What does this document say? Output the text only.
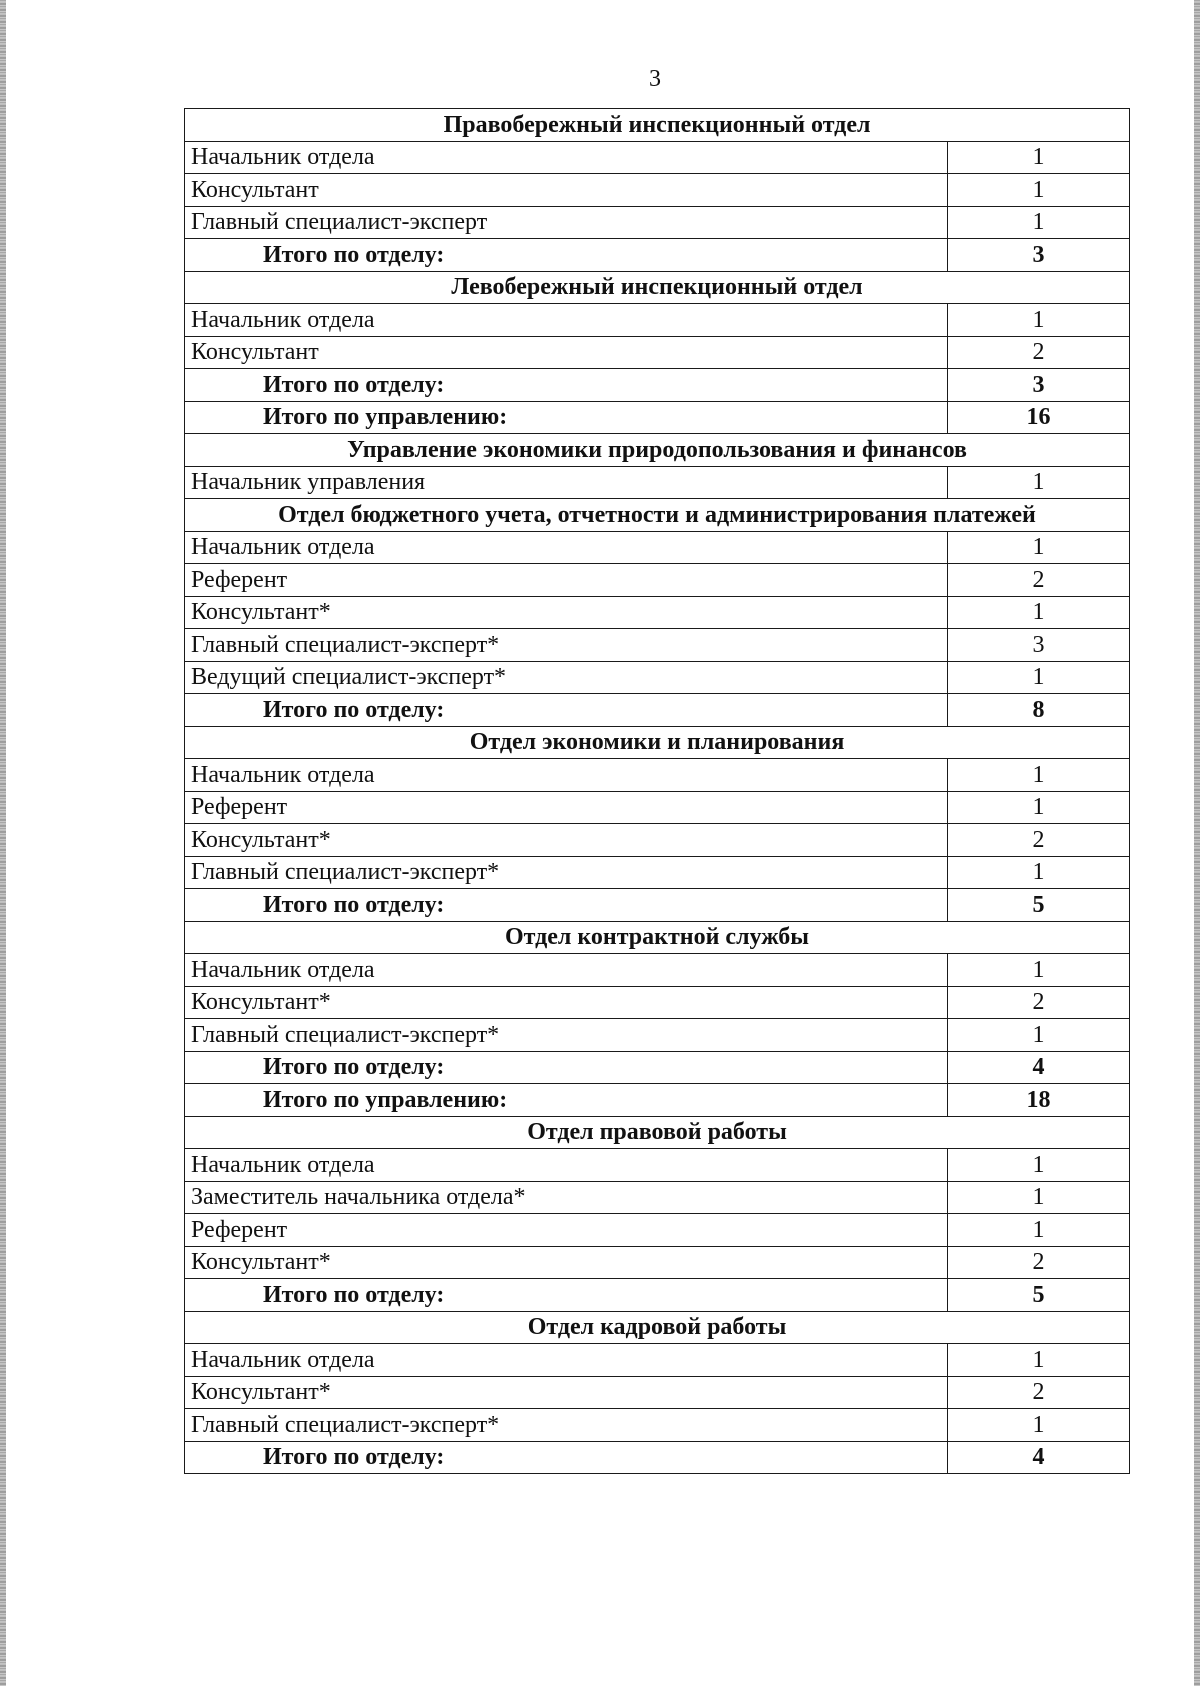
3
Правобережный инспекционный отдел	
Начальник отдела	1
Консультант	1
Главный специалист-эксперт	1
Итого по отделу:	3
Левобережный инспекционный отдел	
Начальник отдела	1
Консультант	2
Итого по отделу:	3
Итого по управлению:	16
Управление экономики природопользования и финансов	
Начальник управления	1
Отдел бюджетного учета, отчетности и администрирования платежей	
Начальник отдела	1
Референт	2
Консультант*	1
Главный специалист-эксперт*	3
Ведущий специалист-эксперт*	1
Итого по отделу:	8
Отдел экономики и планирования	
Начальник отдела	1
Референт	1
Консультант*	2
Главный специалист-эксперт*	1
Итого по отделу:	5
Отдел контрактной службы	
Начальник отдела	1
Консультант*	2
Главный специалист-эксперт*	1
Итого по отделу:	4
Итого по управлению:	18
Отдел правовой работы	
Начальник отдела	1
Заместитель начальника отдела*	1
Референт	1
Консультант*	2
Итого по отделу:	5
Отдел кадровой работы	
Начальник отдела	1
Консультант*	2
Главный специалист-эксперт*	1
Итого по отделу:	4
